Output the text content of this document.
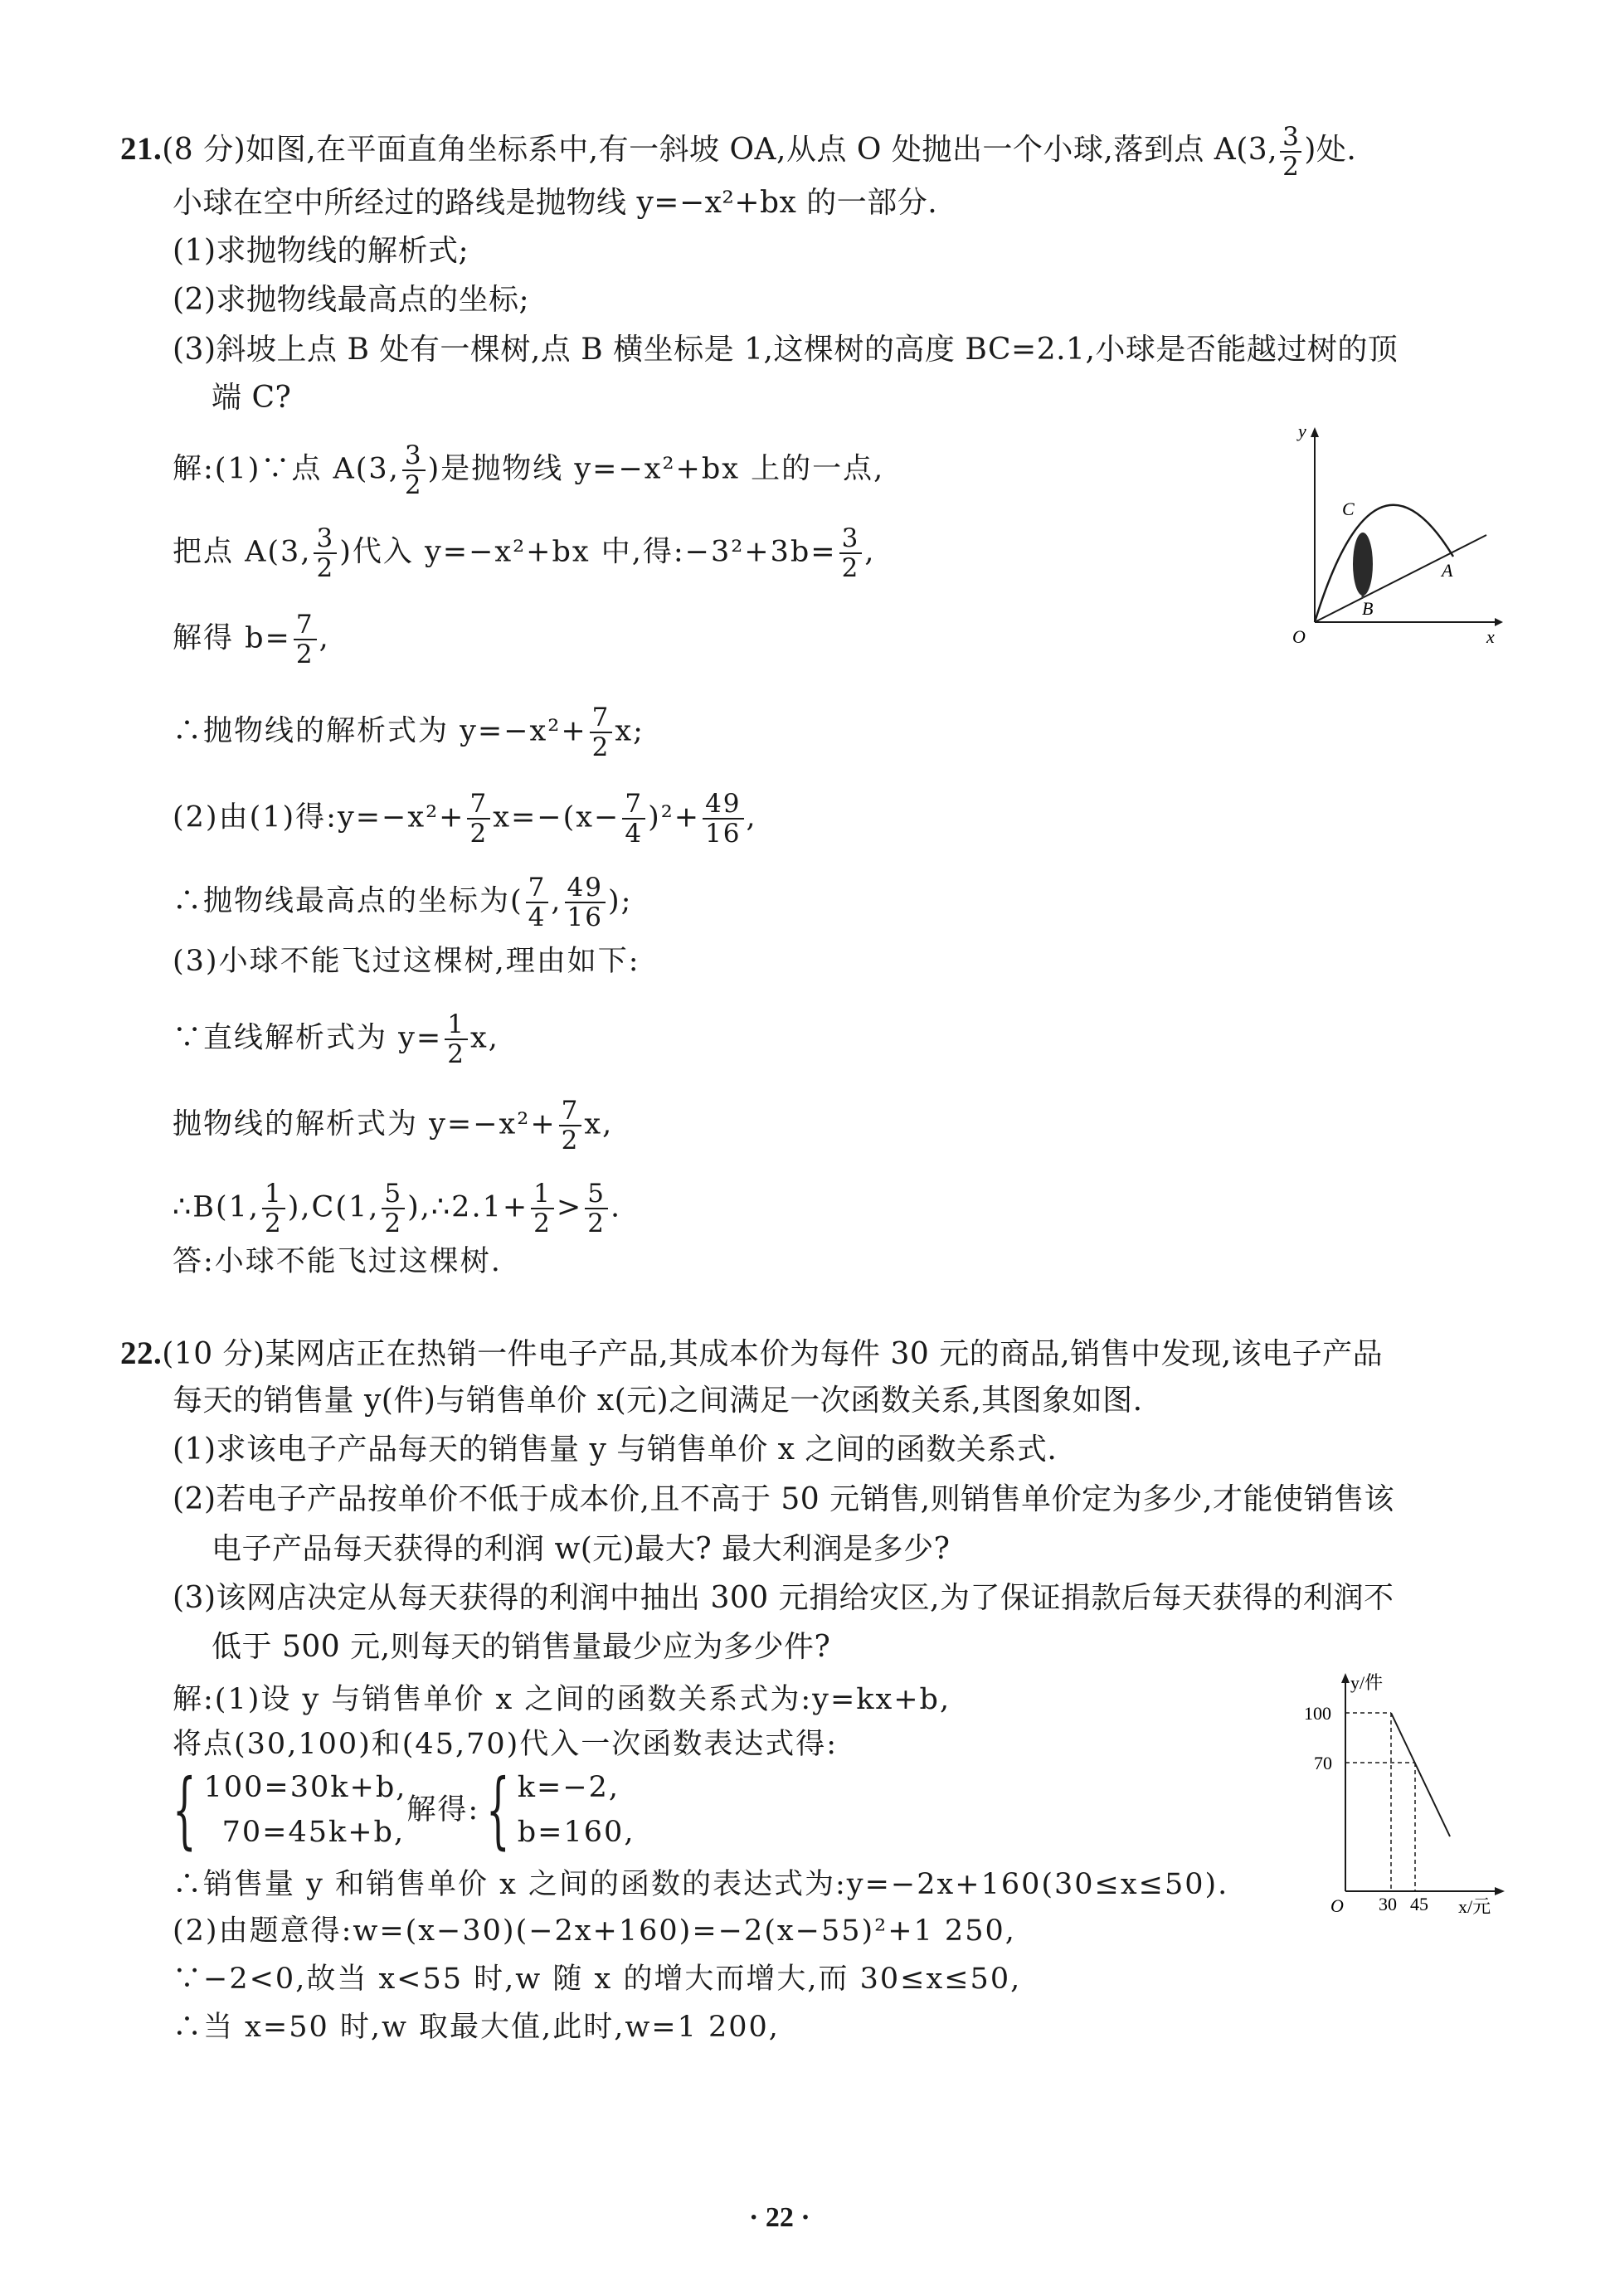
21.(8 分)如图,在平面直角坐标系中,有一斜坡 OA,从点 O 处抛出一个小球,落到点 A(3, $\frac{3}{2}$ )处.
小球在空中所经过的路线是抛物线 y=−x²+bx 的一部分.
(1)求抛物线的解析式;
(2)求抛物线最高点的坐标;
(3)斜坡上点 B 处有一棵树,点 B 横坐标是 1,这棵树的高度 BC=2.1,小球是否能越过树的顶
端 C?
解:(1)∵点 A(3, $\frac{3}{2}$ )是抛物线 y=−x²+bx 上的一点,
把点 A(3, $\frac{3}{2}$ )代入 y=−x²+bx 中,得:−3²+3b= $\frac{3}{2}$ ,
解得 $b= \frac{7}{2}$ ,
∴抛物线的解析式为 $y=-x^2+ \frac{7}{2} x$;
(2)由(1)得:y=−x²+ $\frac{7}{2} x=-(x- \frac{7}{4} )^2+ \frac{49}{16}$ ,
∴抛物线最高点的坐标为( $\frac{7}{4}$ , $\frac{49}{16}$ );
(3)小球不能飞过这棵树,理由如下:
∵直线解析式为 $y= \frac{1}{2} x$,
抛物线的解析式为 $y=-x^2+ \frac{7}{2} x$,
∴B(1, $\frac{1}{2} ),C(1$, $\frac{5}{2}$ ),∴2.1+ $\frac{1}{2} > \frac{5}{2}$ .
答:小球不能飞过这棵树.
y
x
O
C
A
B
22.(10 分)某网店正在热销一件电子产品,其成本价为每件 30 元的商品,销售中发现,该电子产品
每天的销售量 y(件)与销售单价 x(元)之间满足一次函数关系,其图象如图.
(1)求该电子产品每天的销售量 y 与销售单价 x 之间的函数关系式.
(2)若电子产品按单价不低于成本价,且不高于 50 元销售,则销售单价定为多少,才能使销售该
电子产品每天获得的利润 w(元)最大? 最大利润是多少?
(3)该网店决定从每天获得的利润中抽出 300 元捐给灾区,为了保证捐款后每天获得的利润不
低于 500 元,则每天的销售量最少应为多少件?
解:(1)设 y 与销售单价 x 之间的函数关系式为:y=kx+b,
将点(30,100)和(45,70)代入一次函数表达式得:
{ 100=30k+b,
70=45k+b,
解得:{ k=−2,
b=160,
∴销售量 y 和销售单价 x 之间的函数的表达式为:y=−2x+160(30≤x≤50).
(2)由题意得:w=(x−30)(−2x+160)=−2(x−55)²+1 250,
∵−2<0,故当 x<55 时,w 随 x 的增大而增大,而 30≤x≤50,
∴当 x=50 时,w 取最大值,此时,w=1 200,
y/件
x/元
O
100
70
30 45
· 22 ·
